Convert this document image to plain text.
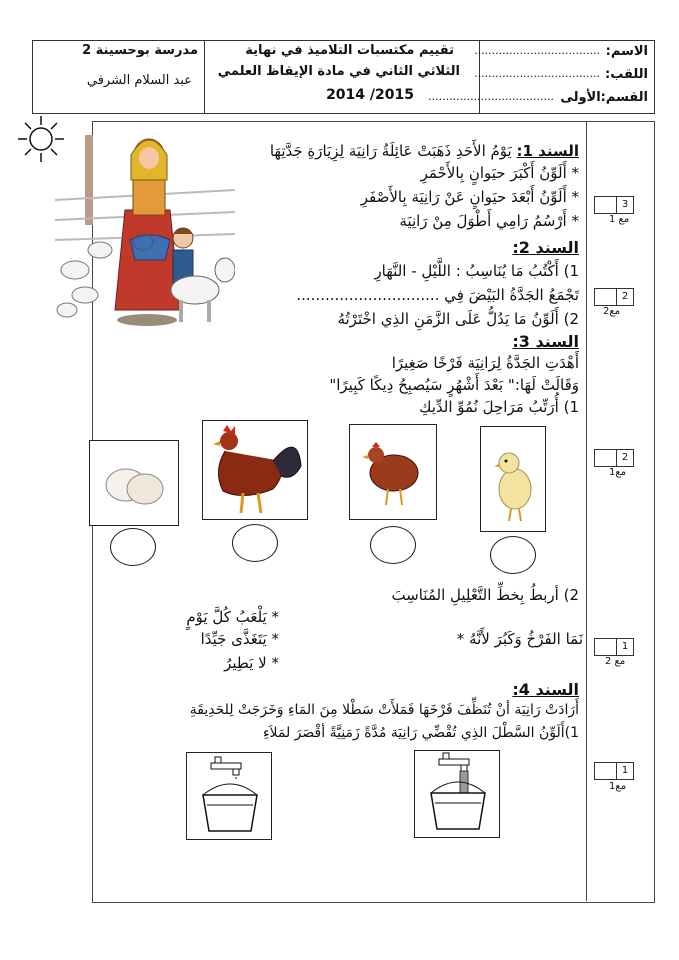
الاسم:
....................................
اللقب:
....................................
القسم:الأولى
....................................
تقييم مكتسبات التلاميذ في نهاية
الثلاثي الثاني في مادة الإيقاظ العلمي
2015/ 2014
مدرسة بوحسينة 2
عبد السلام الشرفي
3
مع 1
2
مع2
2
مع1
1
مع 2
1
مع1
السند 1: يَوْمُ الأَحَدِ ذَهَبَتْ عَائِلَةُ رَانِيَة لِزِيَارَةِ جَدَّتِهَا
* أَلَوِّنُ أَكْبَرَ حيَوانٍ بِالأَحْمَرِ
* أَلَوِّنُ أَبْعَدَ حيَوانٍ عَنْ رَانِيَة بِالأَصْفَرِ
* أَرْسُمُ رَامِي أَطْوَلَ مِنْ رَانِيَة
السند 2:
1) أَكْتُبُ مَا يُنَاسِبُ : اللَّيْلِ - النَّهَارِ
تَجْمَعُ الجَدَّةُ البَيْضَ فِي ..............................
2) أَلَوِّنُ مَا يَدُلُّ عَلَى الزَّمَنِ الذِي اخْتَرْتُهُ
السند 3:
أَهْدَتِ الجَدَّةُ لِرَانِيَة فَرْخًا صَغِيرًا
وَقَالَتْ لَهَا:" بَعْدَ أَشْهُرٍ سَيُصبِحُ دِيكًا كَبِيرًا"
1) أُرَتِّبُ مَرَاحِلَ نُمُوِّ الدِّيكِ
2) أربطُ بِخطِّ التَّعْلِيلِ المُنَاسِبَ
نَمَا الفَرْخُ وَكَبُرَ لأَنَّهُ *
* يَلْعَبُ كُلَّ يَوْمٍ
* يَتَغَذَّى جَيِّدًا
* لا يَطِيرُ
السند 4:
أَرَادَتْ رَانِيَة أنْ تُنَظِّفَ فَرْخَهَا فَمَلأَتْ سَطْلا مِنَ المَاءِ وَخَرَجَتْ لِلحَدِيقَةِ
1)أَلَوِّنُ السَّطْلَ الذِي تُقْضِّي رَانِيَة مُدَّةً زَمَنِيَّةً أقْصَرَ لمَلاَءِ
